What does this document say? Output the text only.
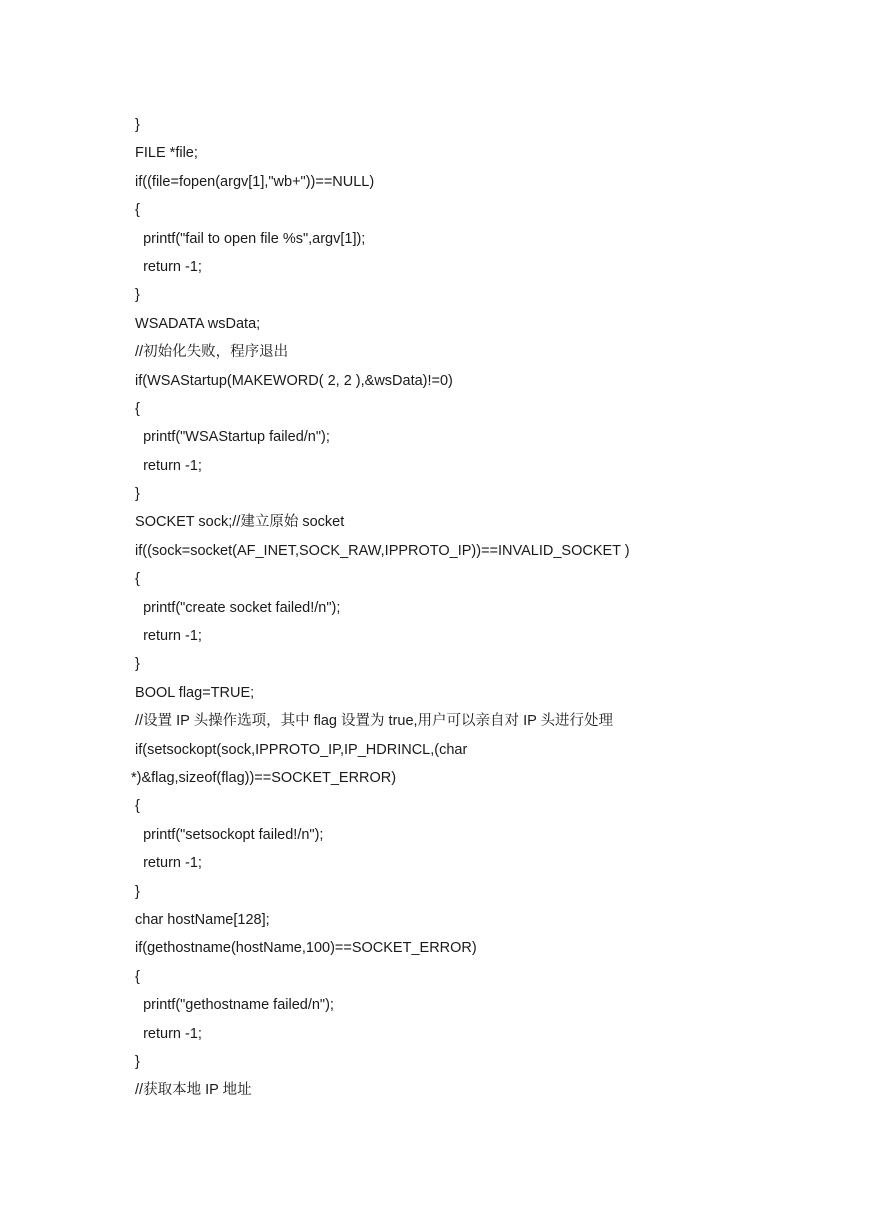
}
FILE *file;
if((file=fopen(argv[1],"wb+"))==NULL)
{
printf("fail to open file %s",argv[1]);
return -1;
}
WSADATA wsData;
//初始化失败，程序退出
if(WSAStartup(MAKEWORD( 2, 2 ),&wsData)!=0)
{
printf("WSAStartup failed/n");
return -1;
}
SOCKET sock;//建立原始 socket
if((sock=socket(AF_INET,SOCK_RAW,IPPROTO_IP))==INVALID_SOCKET )
{
printf("create socket failed!/n");
return -1;
}
BOOL flag=TRUE;
//设置 IP 头操作选项，其中 flag 设置为 true,用户可以亲自对 IP 头进行处理
if(setsockopt(sock,IPPROTO_IP,IP_HDRINCL,(char
*)&flag,sizeof(flag))==SOCKET_ERROR)
{
printf("setsockopt failed!/n");
return -1;
}
char hostName[128];
if(gethostname(hostName,100)==SOCKET_ERROR)
{
printf("gethostname failed/n");
return -1;
}
//获取本地 IP 地址
